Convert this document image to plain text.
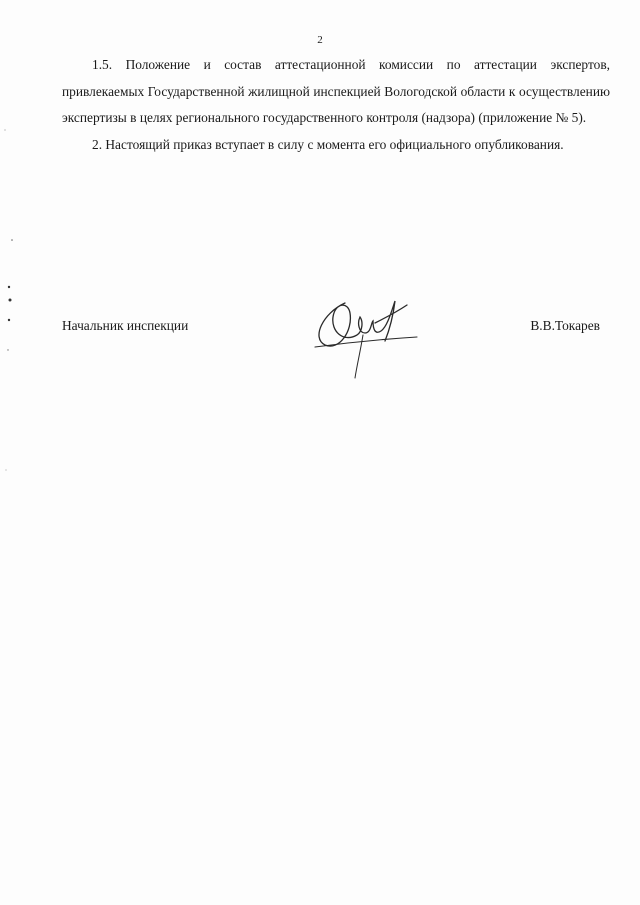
2

1.5. Положение и состав аттестационной комиссии по аттестации экспертов, привлекаемых Государственной жилищной инспекцией Вологодской области к осуществлению экспертизы в целях регионального государственного контроля (надзора) (приложение № 5).

2. Настоящий приказ вступает в силу с момента его официального опубликования.

Начальник инспекции	В.В.Токарев
